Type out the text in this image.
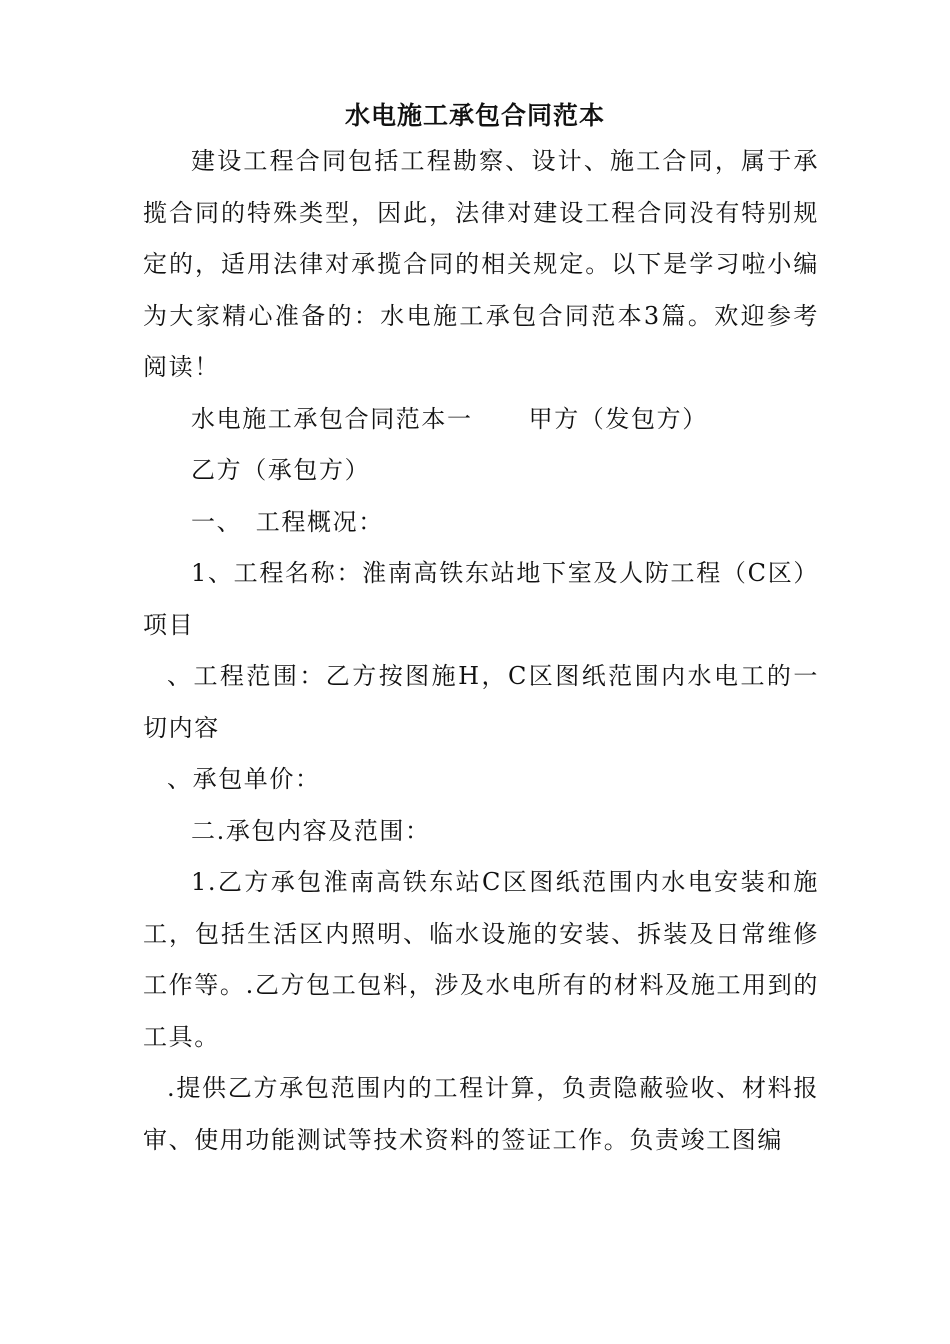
水电施工承包合同范本

建设工程合同包括工程勘察、设计、施工合同，属于承揽合同的特殊类型，因此，法律对建设工程合同没有特别规定的，适用法律对承揽合同的相关规定。以下是学习啦小编为大家精心准备的：水电施工承包合同范本3篇。欢迎参考阅读！

水电施工承包合同范本一 甲方（发包方）

乙方（承包方）

一、　工程概况：

1、工程名称：淮南高铁东站地下室及人防工程（C区）项目

、工程范围：乙方按图施H，C区图纸范围内水电工的一切内容

、承包单价：

二.承包内容及范围：

1.乙方承包淮南高铁东站C区图纸范围内水电安装和施工，包括生活区内照明、临水设施的安装、拆装及日常维修工作等。.乙方包工包料，涉及水电所有的材料及施工用到的工具。

.提供乙方承包范围内的工程计算，负责隐蔽验收、材料报审、使用功能测试等技术资料的签证工作。负责竣工图编
